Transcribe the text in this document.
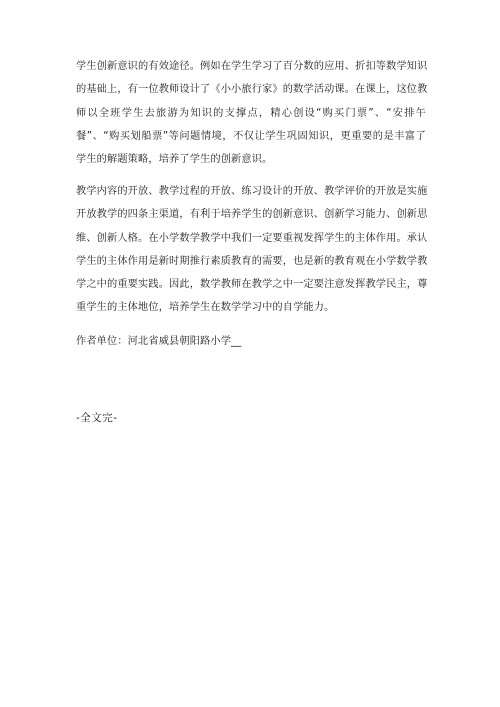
学生创新意识的有效途径。例如在学生学习了百分数的应用、折扣等数学知识
的基础上，有一位教师设计了《小小旅行家》的数学活动课。在课上，这位教
师以全班学生去旅游为知识的支撑点，精心创设“购买门票”、“安排午
餐”、“购买划船票”等问题情境，不仅让学生巩固知识，更重要的是丰富了
学生的解题策略，培养了学生的创新意识。
教学内容的开放、教学过程的开放、练习设计的开放、教学评价的开放是实施
开放教学的四条主渠道，有利于培养学生的创新意识、创新学习能力、创新思
维、创新人格。在小学数学教学中我们一定要重视发挥学生的主体作用。承认
学生的主体作用是新时期推行素质教育的需要，也是新的教育观在小学数学教
学之中的重要实践。因此，数学教师在教学之中一定要注意发挥教学民主，尊
重学生的主体地位，培养学生在数学学习中的自学能力。
作者单位：河北省威县朝阳路小学__
-全文完-
